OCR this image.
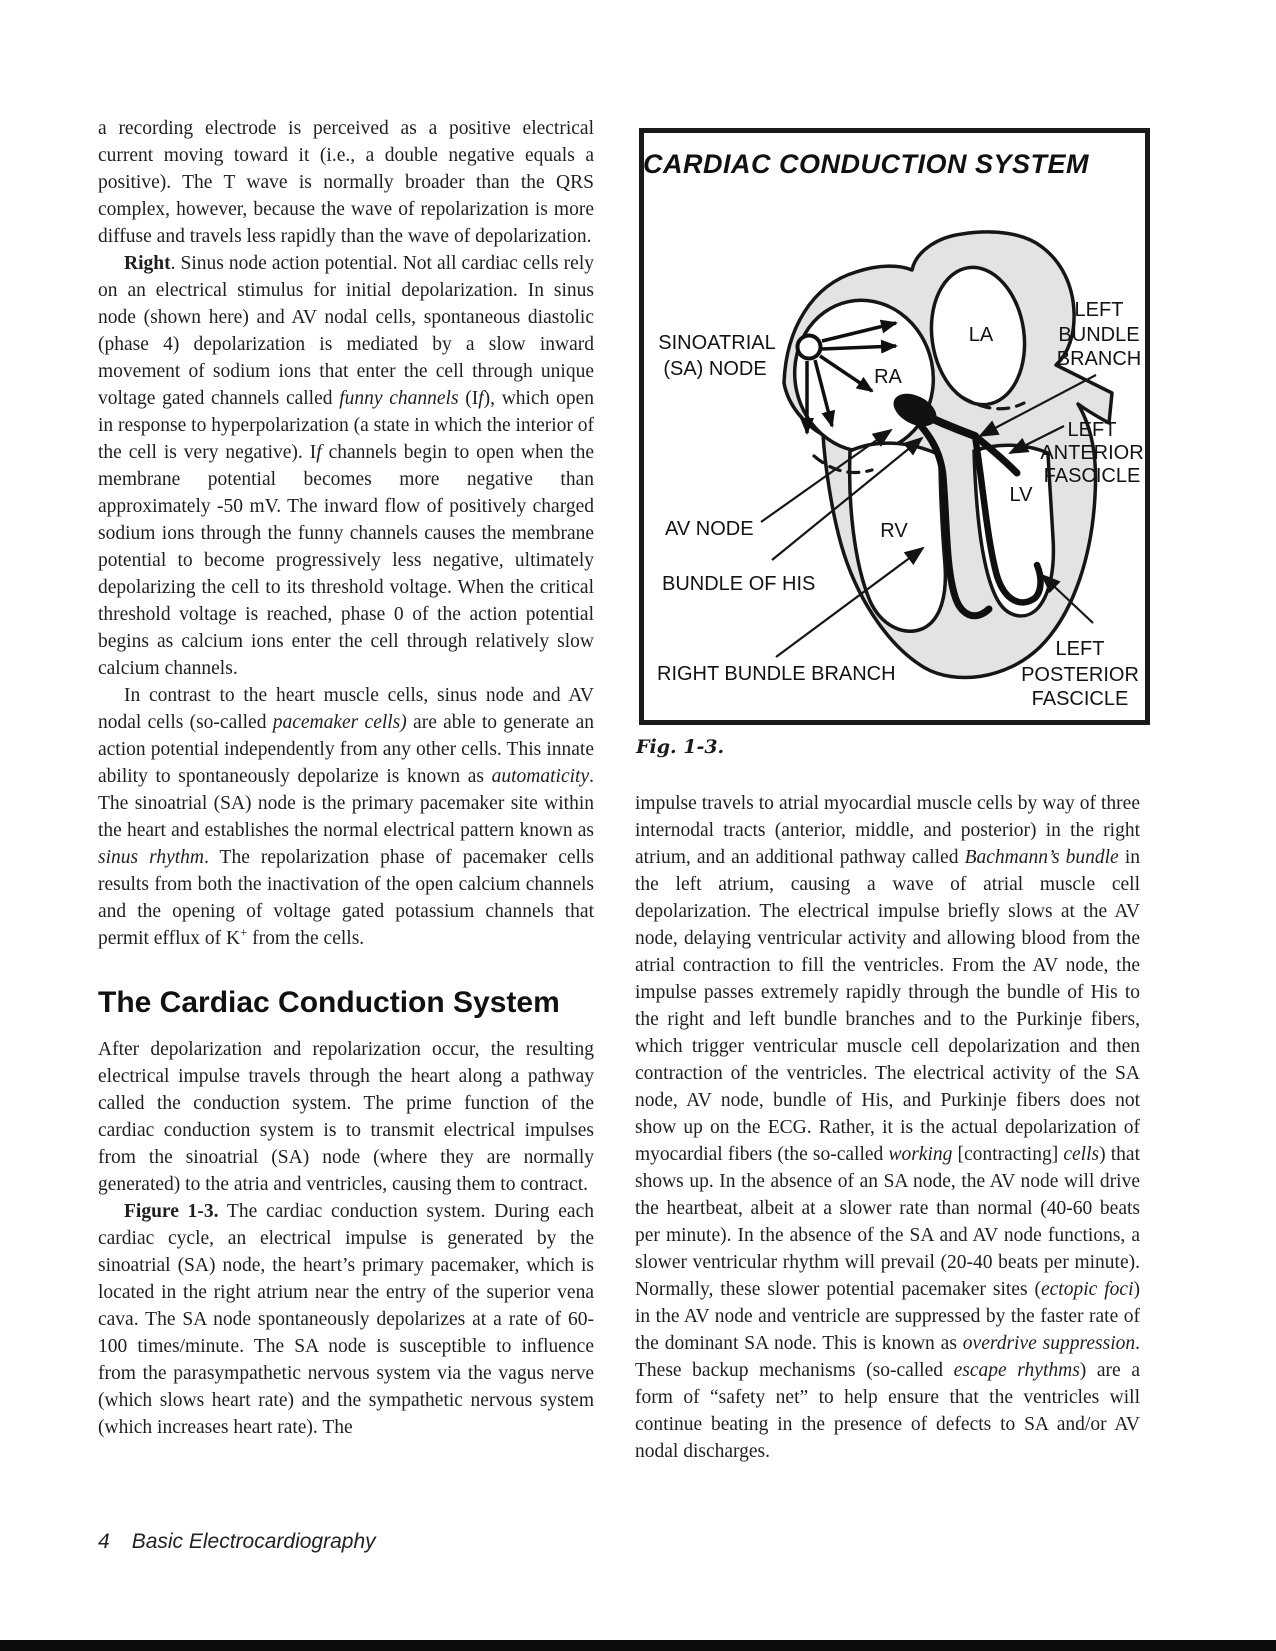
a recording electrode is perceived as a positive electrical current moving toward it (i.e., a double negative equals a positive). The T wave is normally broader than the QRS complex, however, because the wave of repolarization is more diffuse and travels less rapidly than the wave of depolarization.

Right. Sinus node action potential. Not all cardiac cells rely on an electrical stimulus for initial depolarization. In sinus node (shown here) and AV nodal cells, spontaneous diastolic (phase 4) depolarization is mediated by a slow inward movement of sodium ions that enter the cell through unique voltage gated channels called funny channels (If), which open in response to hyperpolarization (a state in which the interior of the cell is very negative). If channels begin to open when the membrane potential becomes more negative than approximately -50 mV. The inward flow of positively charged sodium ions through the funny channels causes the membrane potential to become progressively less negative, ultimately depolarizing the cell to its threshold voltage. When the critical threshold voltage is reached, phase 0 of the action potential begins as calcium ions enter the cell through relatively slow calcium channels.

In contrast to the heart muscle cells, sinus node and AV nodal cells (so-called pacemaker cells) are able to generate an action potential independently from any other cells. This innate ability to spontaneously depolarize is known as automaticity. The sinoatrial (SA) node is the primary pacemaker site within the heart and establishes the normal electrical pattern known as sinus rhythm. The repolarization phase of pacemaker cells results from both the inactivation of the open calcium channels and the opening of voltage gated potassium channels that permit efflux of K+ from the cells.

The Cardiac Conduction System

After depolarization and repolarization occur, the resulting electrical impulse travels through the heart along a pathway called the conduction system. The prime function of the cardiac conduction system is to transmit electrical impulses from the sinoatrial (SA) node (where they are normally generated) to the atria and ventricles, causing them to contract.

Figure 1-3. The cardiac conduction system. During each cardiac cycle, an electrical impulse is generated by the sinoatrial (SA) node, the heart’s primary pacemaker, which is located in the right atrium near the entry of the superior vena cava. The SA node spontaneously depolarizes at a rate of 60-100 times/minute. The SA node is susceptible to influence from the parasympathetic nervous system via the vagus nerve (which slows heart rate) and the sympathetic nervous system (which increases heart rate). The

CARDIAC CONDUCTION SYSTEM
SINOATRIAL
(SA) NODE
LA
RA
RV
LV
AV NODE
BUNDLE OF HIS
RIGHT BUNDLE BRANCH
LEFT
BUNDLE
BRANCH
LEFT
ANTERIOR
FASCICLE
LEFT
POSTERIOR
FASCICLE
Fig. 1-3.

impulse travels to atrial myocardial muscle cells by way of three internodal tracts (anterior, middle, and posterior) in the right atrium, and an additional pathway called Bachmann’s bundle in the left atrium, causing a wave of atrial muscle cell depolarization. The electrical impulse briefly slows at the AV node, delaying ventricular activity and allowing blood from the atrial contraction to fill the ventricles. From the AV node, the impulse passes extremely rapidly through the bundle of His to the right and left bundle branches and to the Purkinje fibers, which trigger ventricular muscle cell depolarization and then contraction of the ventricles. The electrical activity of the SA node, AV node, bundle of His, and Purkinje fibers does not show up on the ECG. Rather, it is the actual depolarization of myocardial fibers (the so-called working [contracting] cells) that shows up. In the absence of an SA node, the AV node will drive the heartbeat, albeit at a slower rate than normal (40-60 beats per minute). In the absence of the SA and AV node functions, a slower ventricular rhythm will prevail (20-40 beats per minute). Normally, these slower potential pacemaker sites (ectopic foci) in the AV node and ventricle are suppressed by the faster rate of the dominant SA node. This is known as overdrive suppression. These backup mechanisms (so-called escape rhythms) are a form of “safety net” to help ensure that the ventricles will continue beating in the presence of defects to SA and/or AV nodal discharges.

4 Basic Electrocardiography
